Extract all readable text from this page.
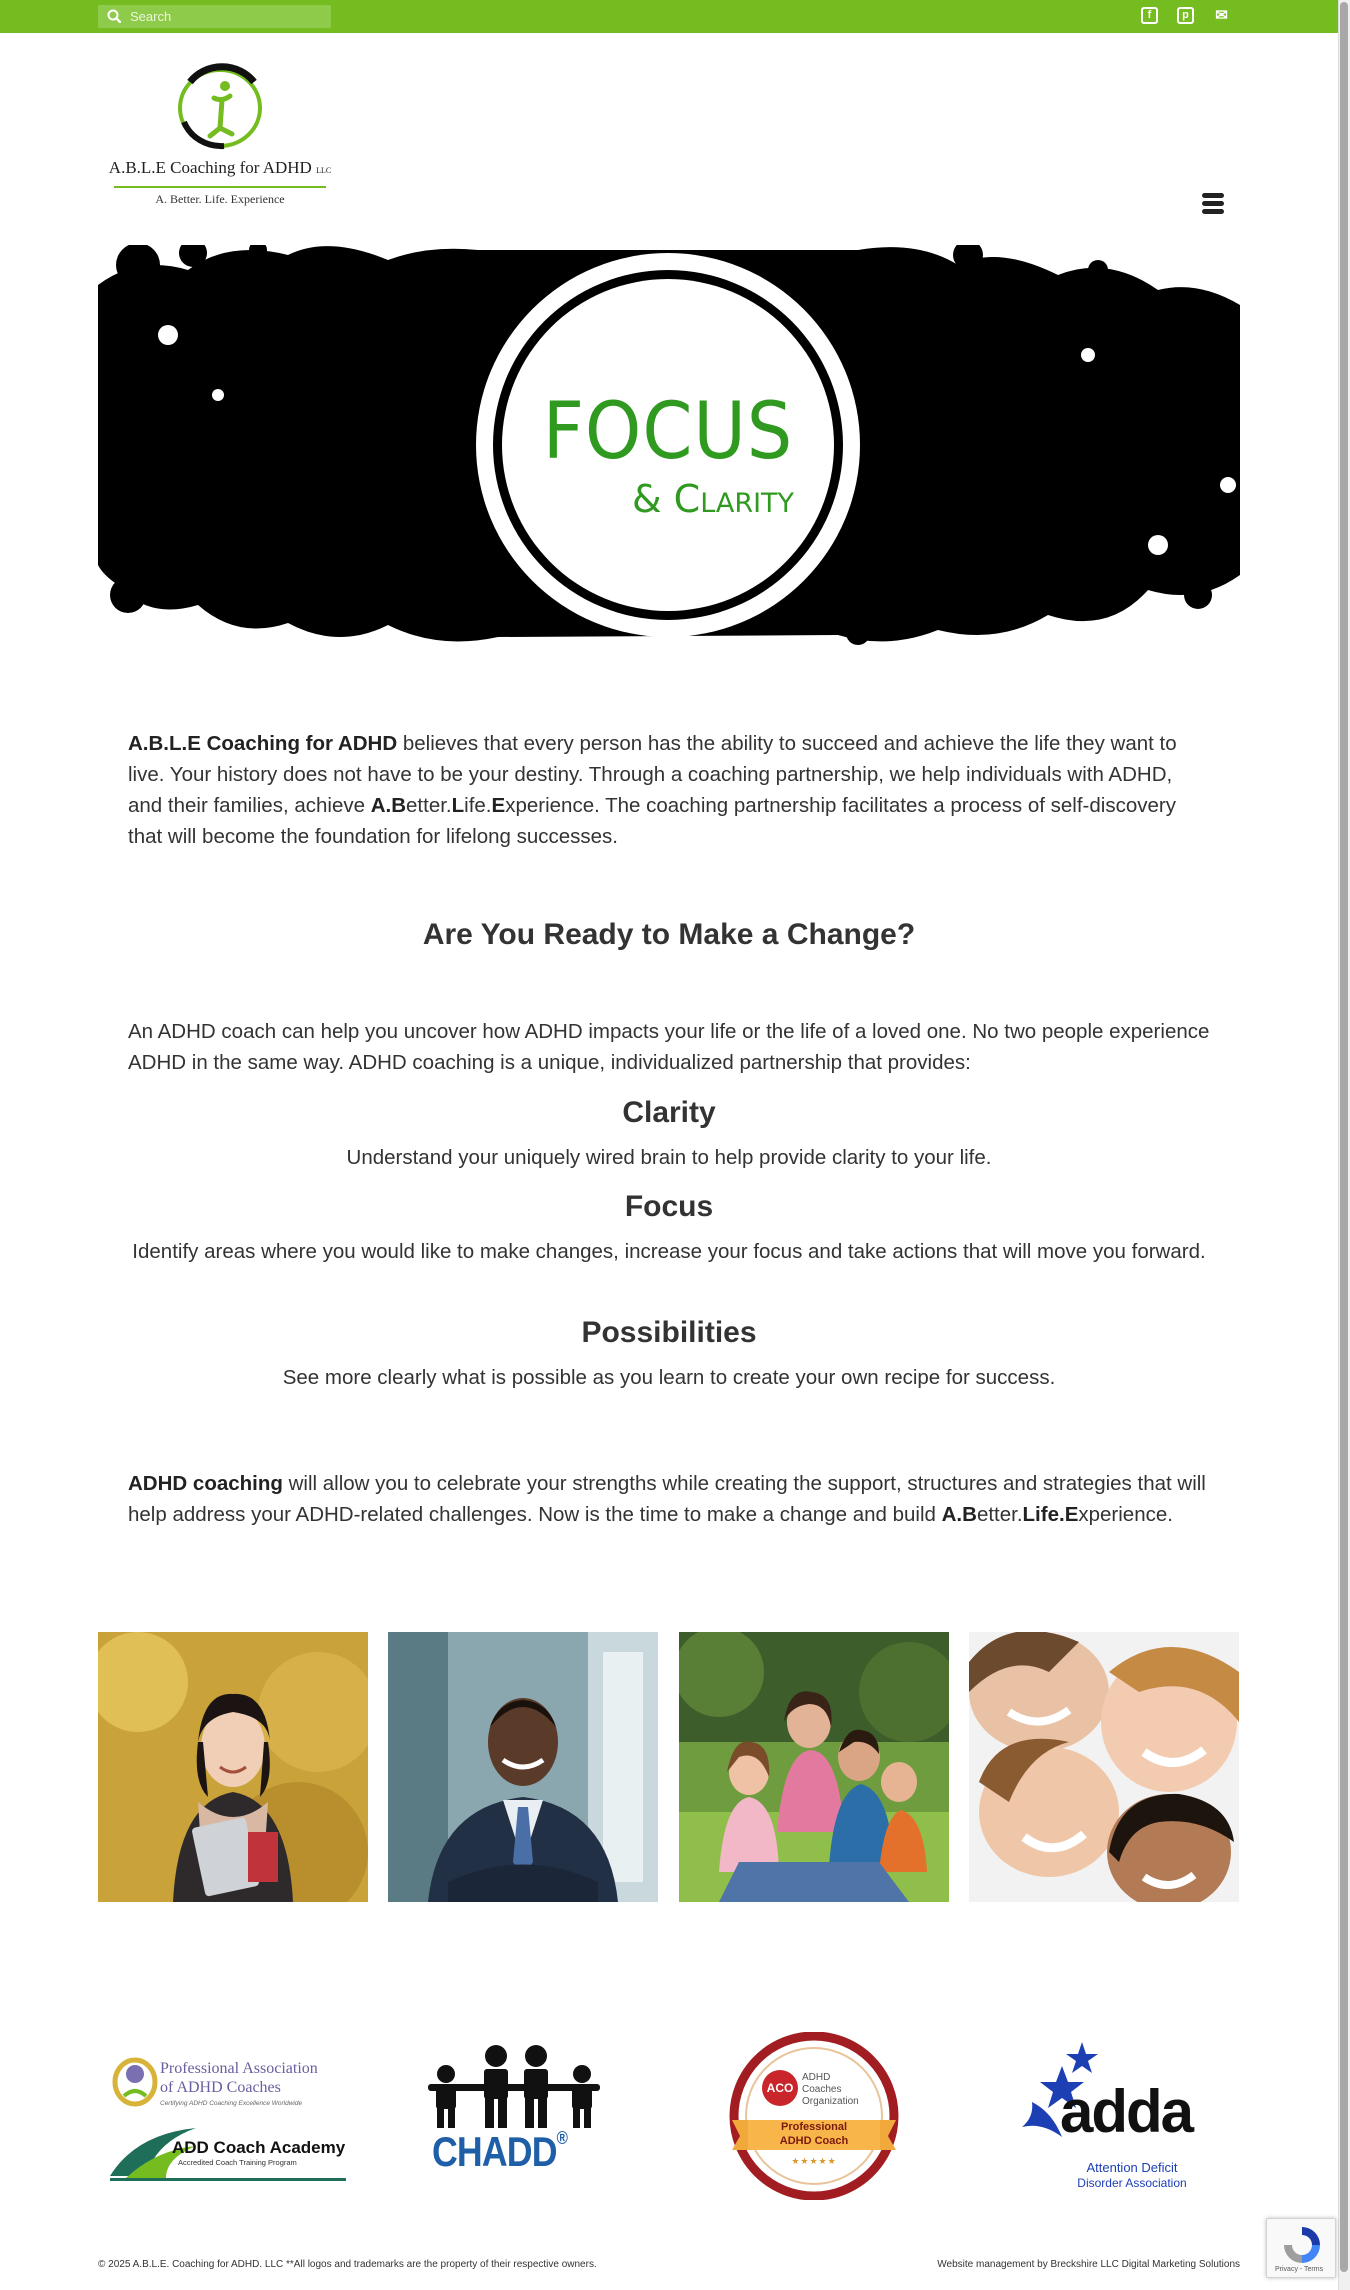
Search
f	p	✉
A.B.L.E Coaching for ADHD LLC
A. Better. Life. Experience
FOCUS
& Clarity
A.B.L.E Coaching for ADHD believes that every person has the ability to succeed and achieve the life they want to live. Your history does not have to be your destiny. Through a coaching partnership, we help individuals with ADHD, and their families, achieve A.Better.Life.Experience. The coaching partnership facilitates a process of self-discovery that will become the foundation for lifelong successes.
Are You Ready to Make a Change?
An ADHD coach can help you uncover how ADHD impacts your life or the life of a loved one. No two people experience ADHD in the same way. ADHD coaching is a unique, individualized partnership that provides:
Clarity
Understand your uniquely wired brain to help provide clarity to your life.
Focus
Identify areas where you would like to make changes, increase your focus and take actions that will move you forward.
Possibilities
See more clearly what is possible as you learn to create your own recipe for success.
ADHD coaching will allow you to celebrate your strengths while creating the support, structures and strategies that will help address your ADHD-related challenges. Now is the time to make a change and build A.Better.Life.Experience.
Professional Association
of ADHD Coaches
Certifying ADHD Coaching Excellence Worldwide
ADD Coach Academy
Accredited Coach Training Program	CHADD®
ACO
ADHD
Coaches
Organization
Professional
ADHD Coach
★★★★★
adda
Attention Deficit
Disorder Association
© 2025 A.B.L.E. Coaching for ADHD. LLC **All logos and trademarks are the property of their respective owners.	Website management by Breckshire LLC Digital Marketing Solutions	Privacy - Terms
